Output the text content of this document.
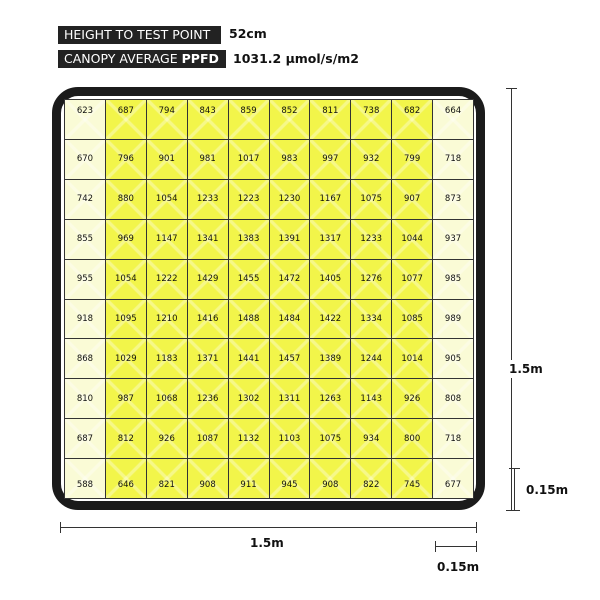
HEIGHT TO TEST POINT	52cm
CANOPY AVERAGE PPFD	1031.2 µmol/s/m2
623	687	794	843	859	852	811	738	682	664
670	796	901	981	1017	983	997	932	799	718
742	880	1054	1233	1223	1230	1167	1075	907	873
855	969	1147	1341	1383	1391	1317	1233	1044	937
955	1054	1222	1429	1455	1472	1405	1276	1077	985
918	1095	1210	1416	1488	1484	1422	1334	1085	989
868	1029	1183	1371	1441	1457	1389	1244	1014	905
810	987	1068	1236	1302	1311	1263	1143	926	808
687	812	926	1087	1132	1103	1075	934	800	718
588	646	821	908	911	945	908	822	745	677
1.5m
0.15m
1.5m
0.15m
